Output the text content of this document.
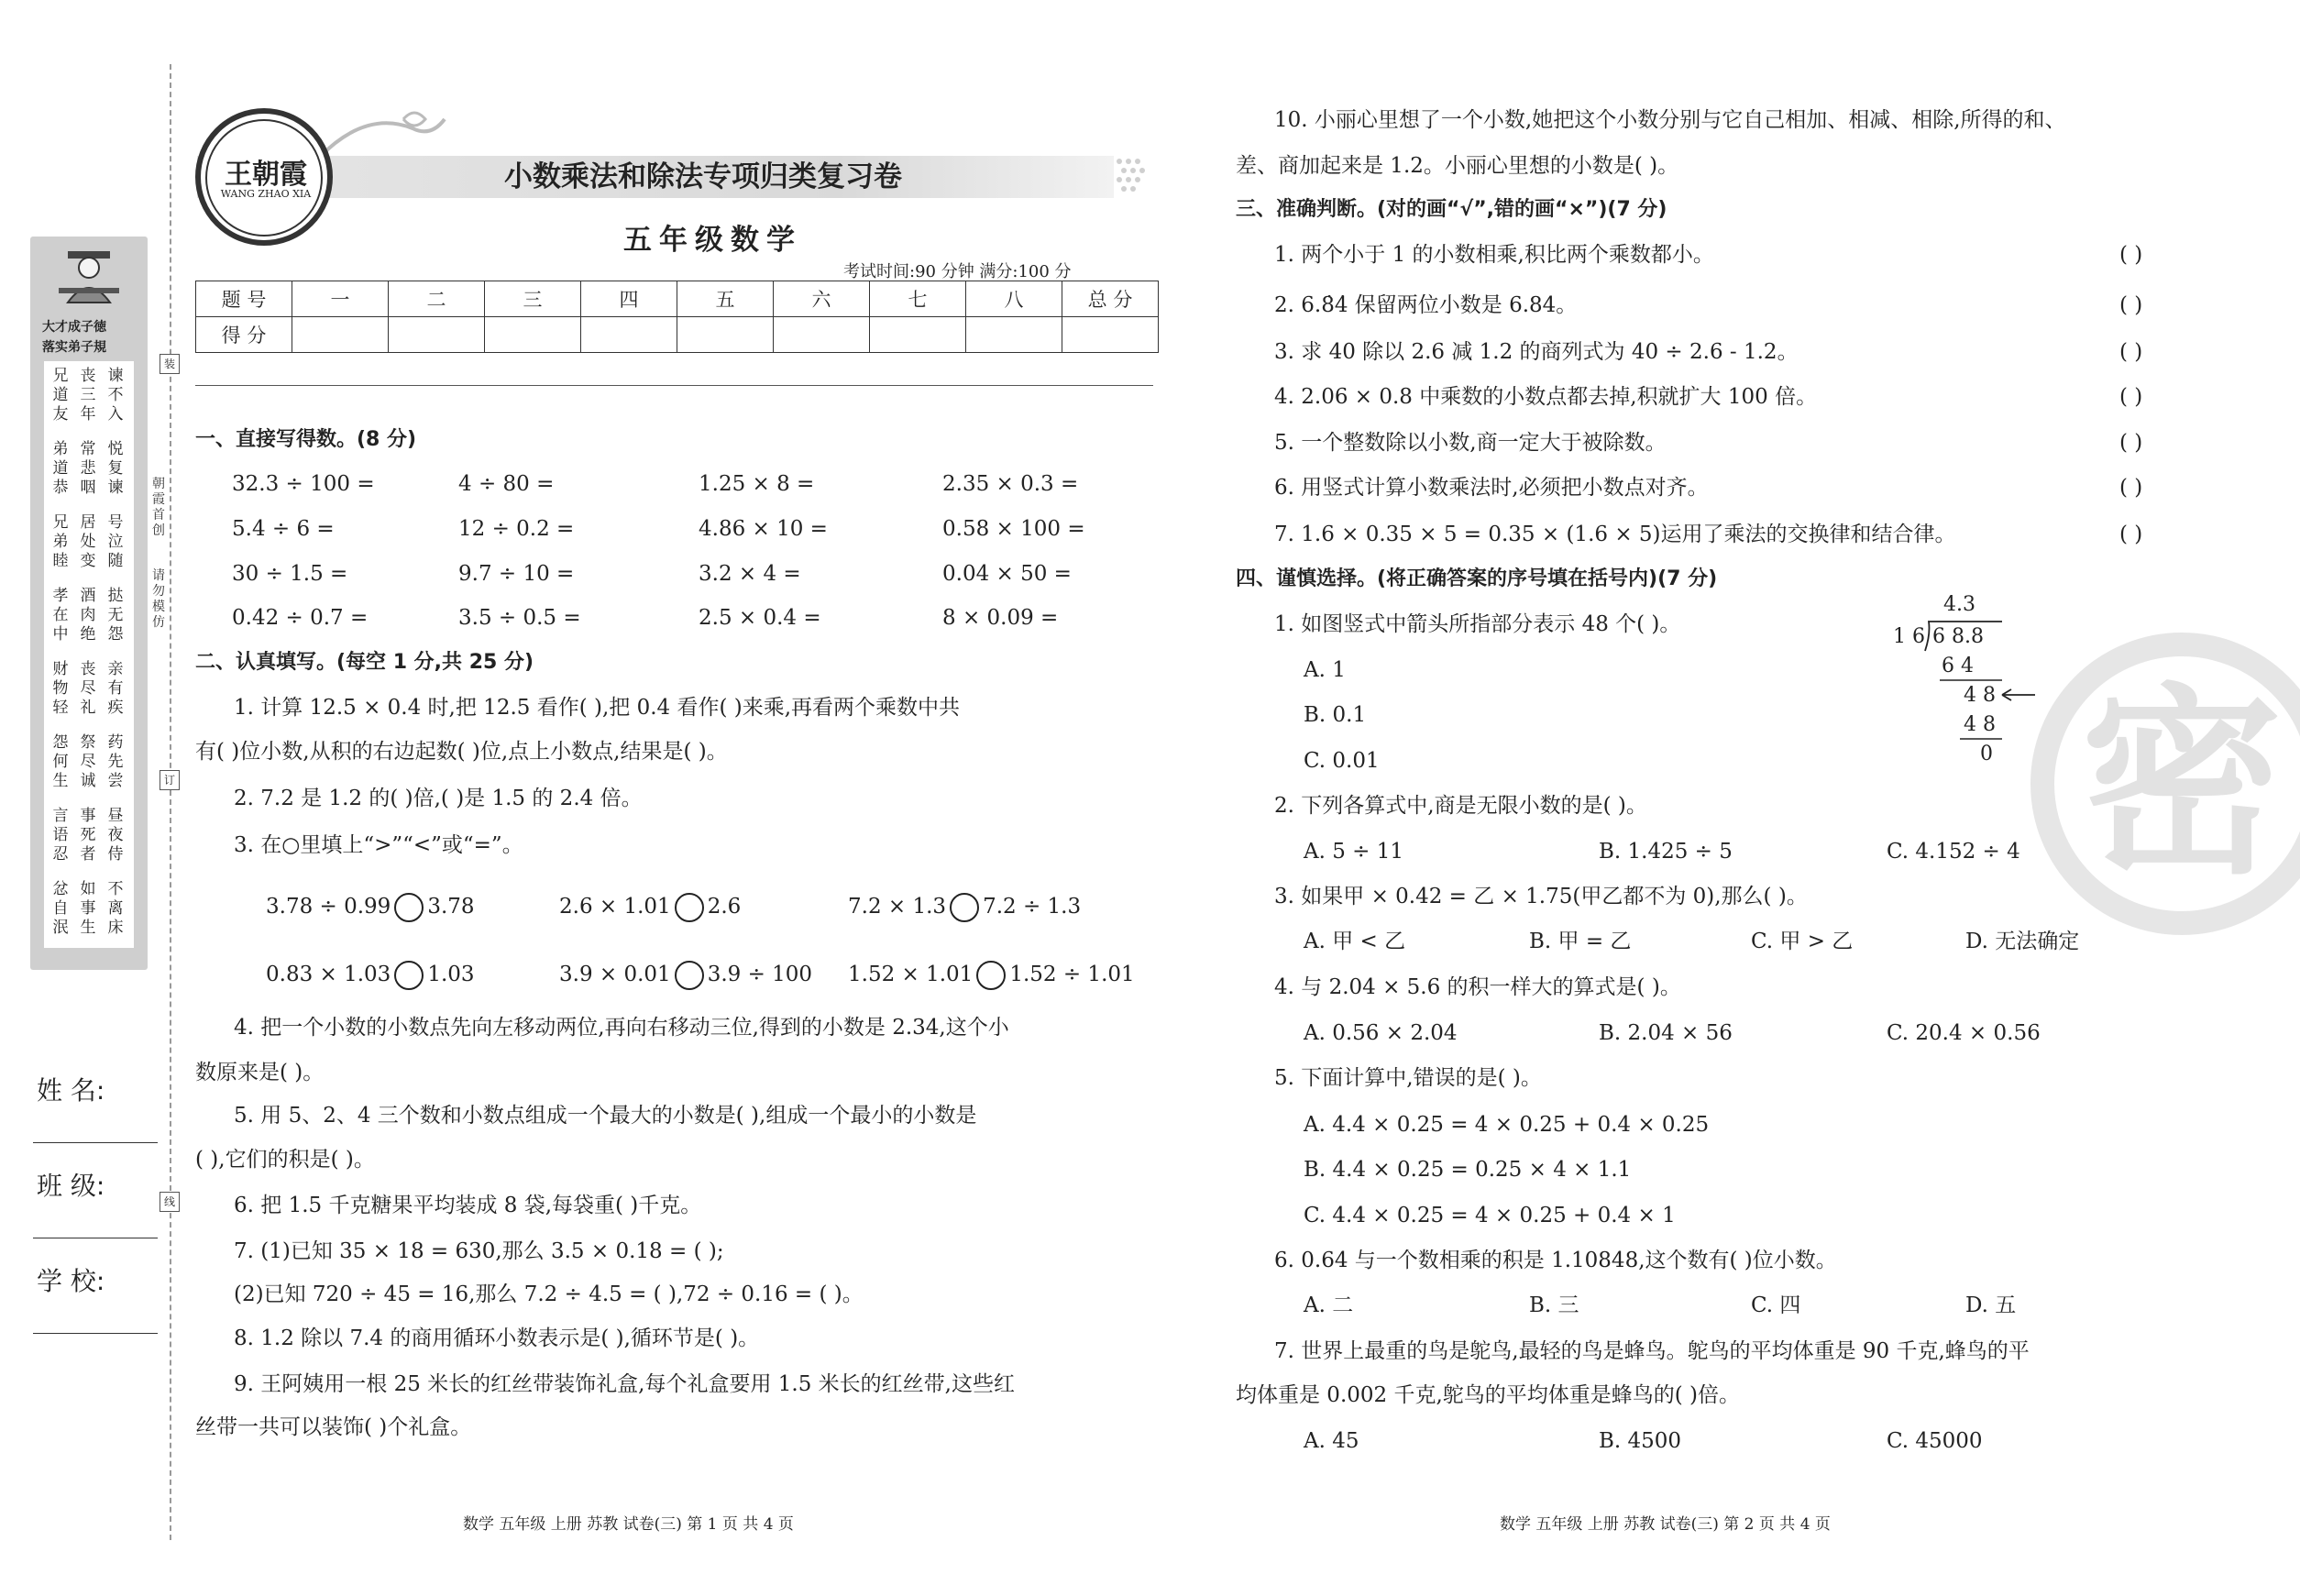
装
订
线
朝霞首创
请勿模仿
大才成子徳
落实弟子規
兄道友
丧三年
谏不入
弟道恭
常悲咽
悦复谏
兄弟睦
居处变
号泣随
孝在中
酒肉绝
挞无怨
财物轻
丧尽礼
亲有疾
怨何生
祭尽诚
药先尝
言语忍
事死者
昼夜侍
忿自泯
如事生
不离床
姓 名:
班 级:
学 校:
王朝霞
WANG ZHAO XIA
小数乘法和除法专项归类复习卷
五年级数学
考试时间:90 分钟 满分:100 分
题 号	一	二	三	四	五	六	七	八	总 分
得 分									
一、直接写得数。(8 分)
32.3 ÷ 100 =	4 ÷ 80 =	1.25 × 8 =	2.35 × 0.3 =
5.4 ÷ 6 =	12 ÷ 0.2 =	4.86 × 10 =	0.58 × 100 =
30 ÷ 1.5 =	9.7 ÷ 10 =	3.2 × 4 =	0.04 × 50 =
0.42 ÷ 0.7 =	3.5 ÷ 0.5 =	2.5 × 0.4 =	8 × 0.09 =
二、认真填写。(每空 1 分,共 25 分)
1. 计算 12.5 × 0.4 时,把 12.5 看作( ),把 0.4 看作( )来乘,再看两个乘数中共
有( )位小数,从积的右边起数( )位,点上小数点,结果是( )。
2. 7.2 是 1.2 的( )倍,( )是 1.5 的 2.4 倍。
3. 在○里填上“>”“<”或“=”。
3.78 ÷ 0.99 3.78	2.6 × 1.01 2.6	7.2 × 1.3 7.2 ÷ 1.3
0.83 × 1.03 1.03	3.9 × 0.01 3.9 ÷ 100 1.52 × 1.01 1.52 ÷ 1.01
4. 把一个小数的小数点先向左移动两位,再向右移动三位,得到的小数是 2.34,这个小
数原来是( )。
5. 用 5、2、4 三个数和小数点组成一个最大的小数是( ),组成一个最小的小数是
( ),它们的积是( )。
6. 把 1.5 千克糖果平均装成 8 袋,每袋重( )千克。
7. (1)已知 35 × 18 = 630,那么 3.5 × 0.18 = ( );
(2)已知 720 ÷ 45 = 16,那么 7.2 ÷ 4.5 = ( ),72 ÷ 0.16 = ( )。
8. 1.2 除以 7.4 的商用循环小数表示是( ),循环节是( )。
9. 王阿姨用一根 25 米长的红丝带装饰礼盒,每个礼盒要用 1.5 米长的红丝带,这些红
丝带一共可以装饰( )个礼盒。
数学 五年级 上册 苏教 试卷(三) 第 1 页 共 4 页
密
10. 小丽心里想了一个小数,她把这个小数分别与它自己相加、相减、相除,所得的和、
差、商加起来是 1.2。小丽心里想的小数是( )。
三、准确判断。(对的画“√”,错的画“×”)(7 分)
1. 两个小于 1 的小数相乘,积比两个乘数都小。	( )
2. 6.8̇4̇ 保留两位小数是 6.84。	( )
3. 求 40 除以 2.6 减 1.2 的商列式为 40 ÷ 2.6 - 1.2。	( )
4. 2.06 × 0.8 中乘数的小数点都去掉,积就扩大 100 倍。	( )
5. 一个整数除以小数,商一定大于被除数。	( )
6. 用竖式计算小数乘法时,必须把小数点对齐。	( )
7. 1.6 × 0.35 × 5 = 0.35 × (1.6 × 5)运用了乘法的交换律和结合律。	( )
四、谨慎选择。(将正确答案的序号填在括号内)(7 分)
1. 如图竖式中箭头所指部分表示 48 个( )。
A. 1
B. 0.1
C. 0.01
4.3
1 6 6 8.8
6 4
4 8
4 8
0
2. 下列各算式中,商是无限小数的是( )。
A. 5 ÷ 11	B. 1.425 ÷ 5	C. 4.152 ÷ 4
3. 如果甲 × 0.42 = 乙 × 1.75(甲乙都不为 0),那么( )。
A. 甲 < 乙	B. 甲 = 乙	C. 甲 > 乙	D. 无法确定
4. 与 2.04 × 5.6 的积一样大的算式是( )。
A. 0.56 × 2.04	B. 2.04 × 56	C. 20.4 × 0.56
5. 下面计算中,错误的是( )。
A. 4.4 × 0.25 = 4 × 0.25 + 0.4 × 0.25
B. 4.4 × 0.25 = 0.25 × 4 × 1.1
C. 4.4 × 0.25 = 4 × 0.25 + 0.4 × 1
6. 0.64 与一个数相乘的积是 1.10848,这个数有( )位小数。
A. 二	B. 三	C. 四	D. 五
7. 世界上最重的鸟是鸵鸟,最轻的鸟是蜂鸟。鸵鸟的平均体重是 90 千克,蜂鸟的平
均体重是 0.002 千克,鸵鸟的平均体重是蜂鸟的( )倍。
A. 45	B. 4500	C. 45000
数学 五年级 上册 苏教 试卷(三) 第 2 页 共 4 页
